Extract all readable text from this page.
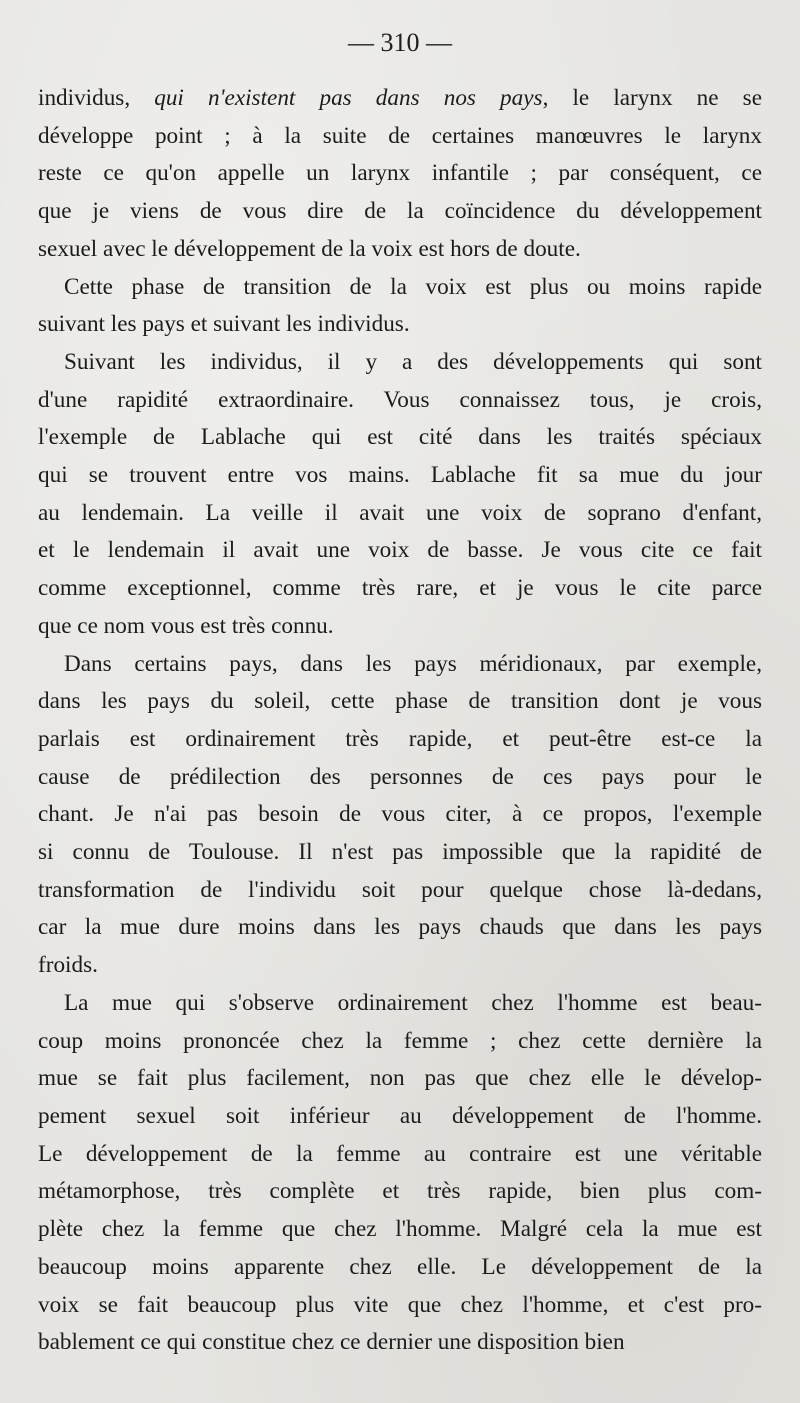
— 310 —
individus, qui n'existent pas dans nos pays, le larynx ne se
développe point ; à la suite de certaines manœuvres le larynx
reste ce qu'on appelle un larynx infantile ; par conséquent, ce
que je viens de vous dire de la coïncidence du développement
sexuel avec le développement de la voix est hors de doute.
Cette phase de transition de la voix est plus ou moins rapide
suivant les pays et suivant les individus.
Suivant les individus, il y a des développements qui sont
d'une rapidité extraordinaire. Vous connaissez tous, je crois,
l'exemple de Lablache qui est cité dans les traités spéciaux
qui se trouvent entre vos mains. Lablache fit sa mue du jour
au lendemain. La veille il avait une voix de soprano d'enfant,
et le lendemain il avait une voix de basse. Je vous cite ce fait
comme exceptionnel, comme très rare, et je vous le cite parce
que ce nom vous est très connu.
Dans certains pays, dans les pays méridionaux, par exemple,
dans les pays du soleil, cette phase de transition dont je vous
parlais est ordinairement très rapide, et peut-être est-ce la
cause de prédilection des personnes de ces pays pour le
chant. Je n'ai pas besoin de vous citer, à ce propos, l'exemple
si connu de Toulouse. Il n'est pas impossible que la rapidité de
transformation de l'individu soit pour quelque chose là-dedans,
car la mue dure moins dans les pays chauds que dans les pays
froids.
La mue qui s'observe ordinairement chez l'homme est beau-
coup moins prononcée chez la femme ; chez cette dernière la
mue se fait plus facilement, non pas que chez elle le dévelop-
pement sexuel soit inférieur au développement de l'homme.
Le développement de la femme au contraire est une véritable
métamorphose, très complète et très rapide, bien plus com-
plète chez la femme que chez l'homme. Malgré cela la mue est
beaucoup moins apparente chez elle. Le développement de la
voix se fait beaucoup plus vite que chez l'homme, et c'est pro-
bablement ce qui constitue chez ce dernier une disposition bien
